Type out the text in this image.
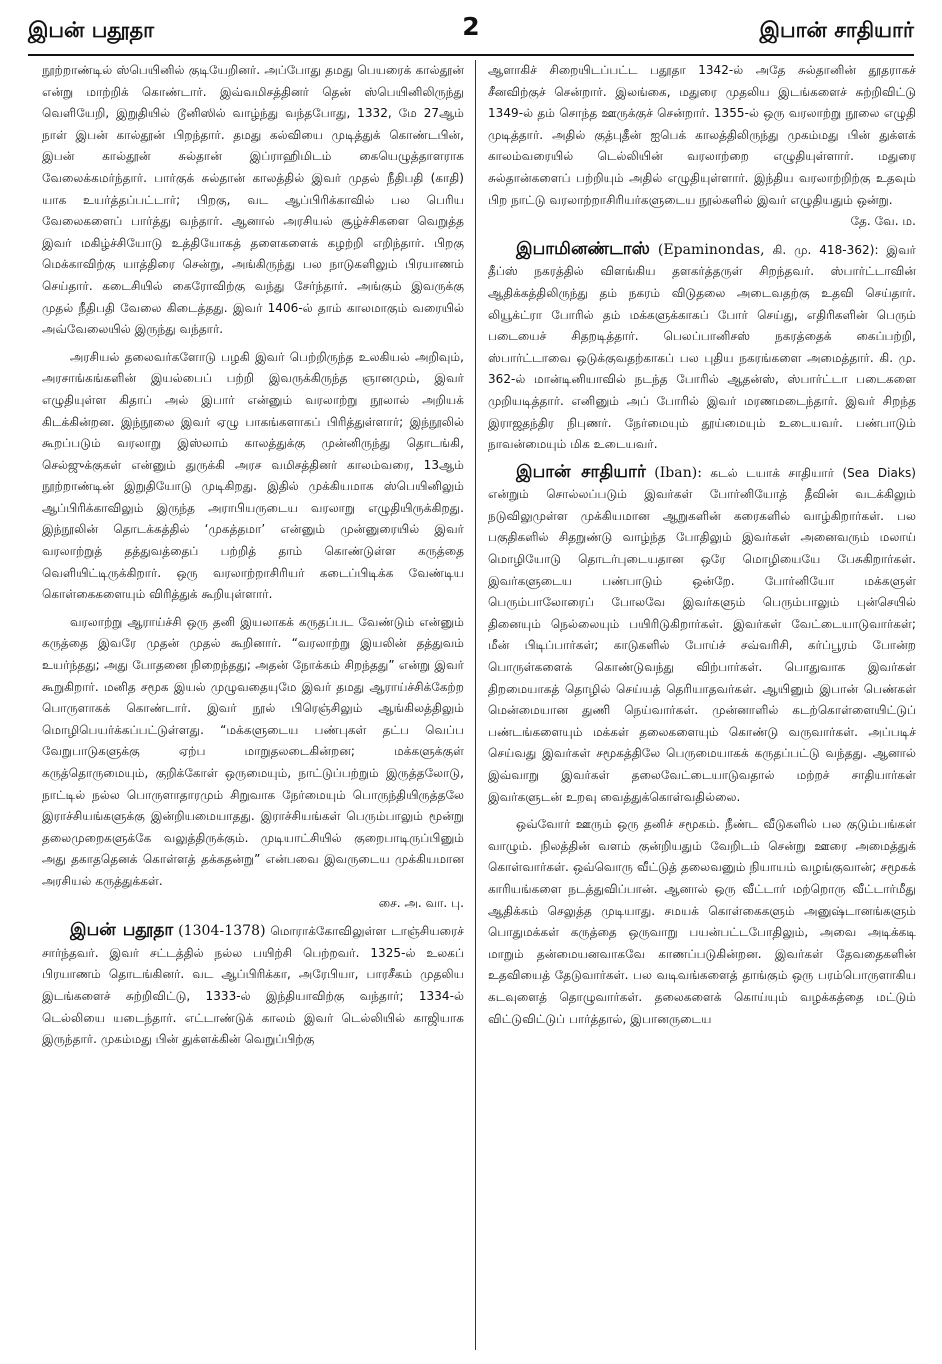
இபன் பதூதா	2	இபான் சாதியார்

நூற்றாண்டில் ஸ்பெயினில் குடியேறினர். அப்போது தமது பெயரைக் கால்தூன் என்று மாற்றிக் கொண்டார். இவ்வமிசத்தினர் தென் ஸ்பெயினிலிருந்து வெளியேறி, இறுதியில் டூனிஸில் வாழ்ந்து வந்தபோது, 1332, மே 27ஆம் நாள் இபன் கால்தூன் பிறந்தார். தமது கல்வியை முடித்துக் கொண்டபின், இபன் கால்தூன் சுல்தான் இப்ராஹிமிடம் கையெழுத்தாளராக வேலைக்கமர்ந்தார். பார்குக் சுல்தான் காலத்தில் இவர் முதல் நீதிபதி (காதி) யாக உயர்த்தப்பட்டார்; பிறகு, வட ஆப்பிரிக்காவில் பல பெரிய வேலைகளைப் பார்த்து வந்தார். ஆனால் அரசியல் சூழ்ச்சிகளை வெறுத்த இவர் மகிழ்ச்சியோடு உத்தியோகத் தளைகளைக் கழற்றி எறிந்தார். பிறகு மெக்காவிற்கு யாத்திரை சென்று, அங்கிருந்து பல நாடுகளிலும் பிரயாணம் செய்தார். கடைசியில் கைரோவிற்கு வந்து சேர்ந்தார். அங்கும் இவருக்கு முதல் நீதிபதி வேலை கிடைத்தது. இவர் 1406-ல் தாம் காலமாகும் வரையில் அவ்வேலையில் இருந்து வந்தார்.

அரசியல் தலைவர்களோடு பழகி இவர் பெற்றிருந்த உலகியல் அறிவும், அரசாங்கங்களின் இயல்பைப் பற்றி இவருக்கிருந்த ஞானமும், இவர் எழுதியுள்ள கிதாப் அல் இபார் என்னும் வரலாற்று நூலால் அறியக் கிடக்கின்றன. இந்நூலை இவர் ஏழு பாகங்களாகப் பிரித்துள்ளார்; இந்நூலில் கூறப்படும் வரலாறு இஸ்லாம் காலத்துக்கு முன்னிருந்து தொடங்கி, செல்ஜுக்குகள் என்னும் துருக்கி அரச வமிசத்தினர் காலம்வரை, 13ஆம் நூற்றாண்டின் இறுதியோடு முடிகிறது. இதில் முக்கியமாக ஸ்பெயினிலும் ஆப்பிரிக்காவிலும் இருந்த அராபியருடைய வரலாறு எழுதியிருக்கிறது. இந்நூலின் தொடக்கத்தில் ‘முகத்தமா’ என்னும் முன்னுரையில் இவர் வரலாற்றுத் தத்துவத்தைப் பற்றித் தாம் கொண்டுள்ள கருத்தை வெளியிட்டிருக்கிறார். ஒரு வரலாற்றாசிரியர் கடைப்பிடிக்க வேண்டிய கொள்கைகளையும் விரித்துக் கூறியுள்ளார்.

வரலாற்று ஆராய்ச்சி ஒரு தனி இயலாகக் கருதப்பட வேண்டும் என்னும் கருத்தை இவரே முதன் முதல் கூறினார். “வரலாற்று இயலின் தத்துவம் உயர்ந்தது; அது போதனை நிறைந்தது; அதன் நோக்கம் சிறந்தது” என்று இவர் கூறுகிறார். மனித சமூக இயல் முழுவதையுமே இவர் தமது ஆராய்ச்சிக்கேற்ற பொருளாகக் கொண்டார். இவர் நூல் பிரெஞ்சிலும் ஆங்கிலத்திலும் மொழிபெயர்க்கப்பட்டுள்ளது. “மக்களுடைய பண்புகள் தட்ப வெப்ப வேறுபாடுகளுக்கு ஏற்ப மாறுதலடைகின்றன; மக்களுக்குள் கருத்தொருமையும், குறிக்கோள் ஒருமையும், நாட்டுப்பற்றும் இருத்தலோடு, நாட்டில் நல்ல பொருளாதாரமும் சிறுவாக நேர்மையும் பொருந்தியிருத்தலே இராச்சியங்களுக்கு இன்றியமையாதது. இராச்சியங்கள் பெரும்பாலும் மூன்று தலைமுறைகளுக்கே வலுத்திருக்கும். முடியாட்சியில் குறைபாடிருப்பினும் அது தகாததெனக் கொள்ளத் தக்கதன்று” என்பவை இவருடைய முக்கியமான அரசியல் கருத்துக்கள்.
சை. அ. வா. பு.

இபன் பதூதா (1304-1378) மொராக்கோவிலுள்ள டாஞ்சியரைச் சார்ந்தவர். இவர் சட்டத்தில் நல்ல பயிற்சி பெற்றவர். 1325-ல் உலகப் பிரயாணம் தொடங்கினர். வட ஆப்பிரிக்கா, அரேபியா, பாரசீகம் முதலிய இடங்களைச் சுற்றிவிட்டு, 1333-ல் இந்தியாவிற்கு வந்தார்; 1334-ல் டெல்லியை யடைந்தார். எட்டாண்டுக் காலம் இவர் டெல்லியில் காஜியாக இருந்தார். முகம்மது பின் துக்ளக்கின் வெறுப்பிற்கு

ஆளாகிச் சிறையிடப்பட்ட பதூதா 1342-ல் அதே சுல்தானின் தூதராகச் சீனவிற்குச் சென்றார். இலங்கை, மதுரை முதலிய இடங்களைச் சுற்றிவிட்டு 1349-ல் தம் சொந்த ஊருக்குச் சென்றார். 1355-ல் ஒரு வரலாற்று நூலை எழுதி முடித்தார். அதில் குத்புதீன் ஐபெக் காலத்திலிருந்து முகம்மது பின் துக்ளக் காலம்வரையில் டெல்லியின் வரலாற்றை எழுதியுள்ளார். மதுரை சுல்தான்களைப் பற்றியும் அதில் எழுதியுள்ளார். இந்திய வரலாற்றிற்கு உதவும் பிற நாட்டு வரலாற்றாசிரியர்களுடைய நூல்களில் இவர் எழுதியதும் ஒன்று.
தே. வே. ம.

இபாமினண்டாஸ் (Epaminondas, கி. மு. 418-362): இவர் தீப்ஸ் நகரத்தில் விளங்கிய தளகர்த்தருள் சிறந்தவர். ஸ்பார்ட்டாவின் ஆதிக்கத்திலிருந்து தம் நகரம் விடுதலை அடைவதற்கு உதவி செய்தார். லியூக்ட்ரா போரில் தம் மக்களுக்காகப் போர் செய்து, எதிரிகளின் பெரும் படையைச் சிதறடித்தார். பெலப்பானிசஸ் நகரத்தைக் கைப்பற்றி, ஸ்பார்ட்டாவை ஒடுக்குவதற்காகப் பல புதிய நகரங்களை அமைத்தார். கி. மு. 362-ல் மான்டினியாவில் நடந்த போரில் ஆதன்ஸ், ஸ்பார்ட்டா படைகளை முறியடித்தார். எனினும் அப் போரில் இவர் மரணமடைந்தார். இவர் சிறந்த இராஜதந்திர நிபுணர். நேர்மையும் தூய்மையும் உடையவர். பண்பாடும் நாவன்மையும் மிக உடையவர்.

இபான் சாதியார் (Iban): கடல் டயாக் சாதியார் (Sea Diaks) என்றும் சொல்லப்படும் இவர்கள் போர்னியோத் தீவின் வடக்கிலும் நடுவிலுமுள்ள முக்கியமான ஆறுகளின் கரைகளில் வாழ்கிறார்கள். பல பகுதிகளில் சிதறுண்டு வாழ்ந்த போதிலும் இவர்கள் அனைவரும் மலாய் மொழியோடு தொடர்புடையதான ஒரே மொழியையே பேசுகிறார்கள். இவர்களுடைய பண்பாடும் ஒன்றே. போர்னியோ மக்களுள் பெரும்பாலோரைப் போலவே இவர்களும் பெரும்பாலும் புன்செயில் தினையும் நெல்லையும் பயிரிடுகிறார்கள். இவர்கள் வேட்டையாடுவார்கள்; மீன் பிடிப்பார்கள்; காடுகளில் போய்ச் சவ்வரிசி, கர்ப்பூரம் போன்ற பொருள்களைக் கொண்டுவந்து விற்பார்கள். பொதுவாக இவர்கள் திறமையாகத் தொழில் செய்யத் தெரியாதவர்கள். ஆயினும் இபான் பெண்கள் மென்மையான துணி நெய்வார்கள். முன்னாளில் கடற்கொள்ளையிட்டுப் பண்டங்களையும் மக்கள் தலைகளையும் கொண்டு வருவார்கள். அப்படிச் செய்வது இவர்கள் சமூகத்திலே பெருமையாகக் கருதப்பட்டு வந்தது. ஆனால் இவ்வாறு இவர்கள் தலைவேட்டையாடுவதால் மற்றச் சாதியார்கள் இவர்களுடன் உறவு வைத்துக்கொள்வதில்லை.

ஒவ்வோர் ஊரும் ஒரு தனிச் சமூகம். நீண்ட வீடுகளில் பல குடும்பங்கள் வாழும். நிலத்தின் வளம் குன்றியதும் வேறிடம் சென்று ஊரை அமைத்துக் கொள்வார்கள். ஒவ்வொரு வீட்டுத் தலைவனும் நியாயம் வழங்குவான்; சமூகக் காரியங்களை நடத்துவிப்பான். ஆனால் ஒரு வீட்டார் மற்றொரு வீட்டார்மீது ஆதிக்கம் செலுத்த முடியாது. சமயக் கொள்கைகளும் அனுஷ்டானங்களும் பொதுமக்கள் கருத்தை ஒருவாறு பயன்பட்டபோதிலும், அவை அடிக்கடி மாறும் தன்மையனவாகவே காணப்படுகின்றன. இவர்கள் தேவதைகளின் உதவியைத் தேடுவார்கள். பல வடிவங்களைத் தாங்கும் ஒரு பரம்பொருளாகிய கடவுளைத் தொழுவார்கள். தலைகளைக் கொய்யும் வழக்கத்தை மட்டும் விட்டுவிட்டுப் பார்த்தால், இபானருடைய
